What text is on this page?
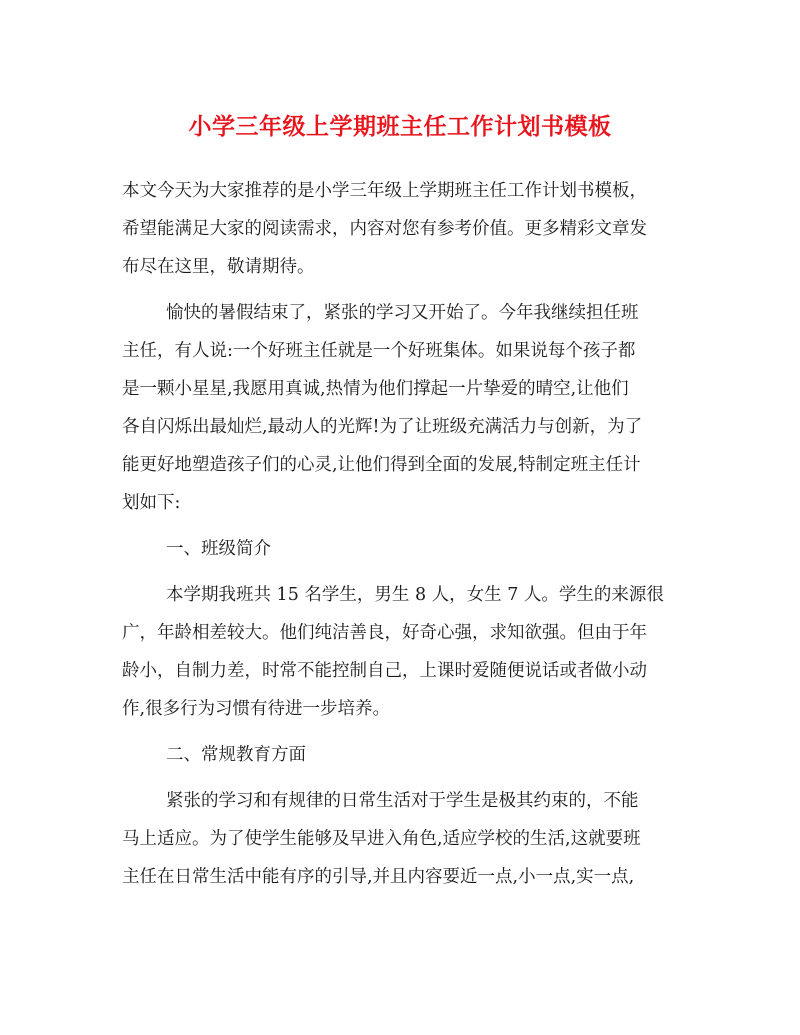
小学三年级上学期班主任工作计划书模板
本文今天为大家推荐的是小学三年级上学期班主任工作计划书模板，
希望能满足大家的阅读需求，内容对您有参考价值。更多精彩文章发
布尽在这里，敬请期待。
愉快的暑假结束了，紧张的学习又开始了。今年我继续担任班
主任，有人说:一个好班主任就是一个好班集体。如果说每个孩子都
是一颗小星星,我愿用真诚,热情为他们撑起一片挚爱的晴空,让他们
各自闪烁出最灿烂,最动人的光辉!为了让班级充满活力与创新，为了
能更好地塑造孩子们的心灵,让他们得到全面的发展,特制定班主任计
划如下:
一、班级简介
本学期我班共 15 名学生，男生 8 人，女生 7 人。学生的来源很
广，年龄相差较大。他们纯洁善良，好奇心强，求知欲强。但由于年
龄小，自制力差，时常不能控制自己，上课时爱随便说话或者做小动
作,很多行为习惯有待进一步培养。
二、常规教育方面
紧张的学习和有规律的日常生活对于学生是极其约束的，不能
马上适应。为了使学生能够及早进入角色,适应学校的生活,这就要班
主任在日常生活中能有序的引导,并且内容要近一点,小一点,实一点,
